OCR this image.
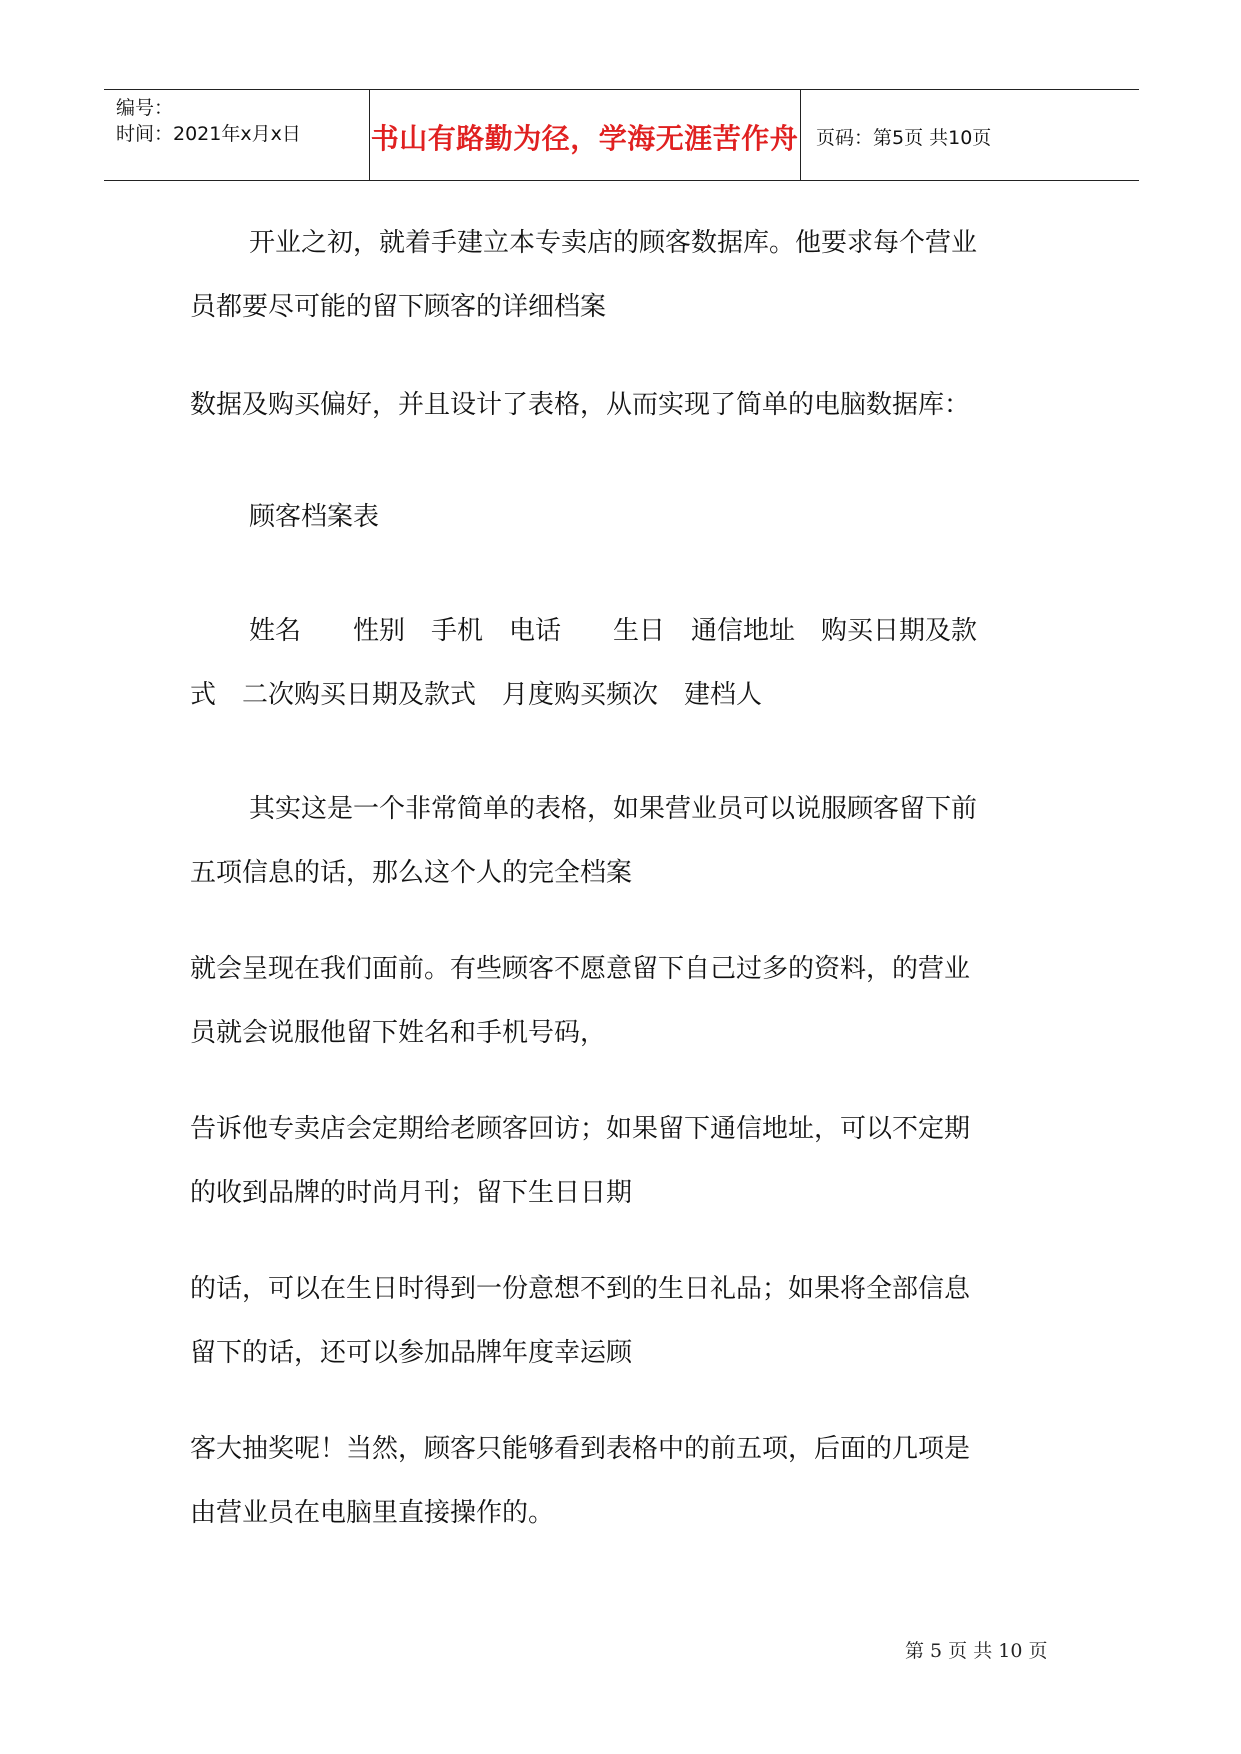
编号：
时间：2021年x月x日 书山有路勤为径，学海无涯苦作舟 页码：第5页 共10页
开业之初，就着手建立本专卖店的顾客数据库。他要求每个营业
员都要尽可能的留下顾客的详细档案
数据及购买偏好，并且设计了表格，从而实现了简单的电脑数据库：
顾客档案表
姓名　　性别　手机　电话　　生日　通信地址　购买日期及款
式　二次购买日期及款式　月度购买频次　建档人
其实这是一个非常简单的表格，如果营业员可以说服顾客留下前
五项信息的话，那么这个人的完全档案
就会呈现在我们面前。有些顾客不愿意留下自己过多的资料，的营业
员就会说服他留下姓名和手机号码，
告诉他专卖店会定期给老顾客回访；如果留下通信地址，可以不定期
的收到品牌的时尚月刊；留下生日日期
的话，可以在生日时得到一份意想不到的生日礼品；如果将全部信息
留下的话，还可以参加品牌年度幸运顾
客大抽奖呢！当然，顾客只能够看到表格中的前五项，后面的几项是
由营业员在电脑里直接操作的。
第 5 页 共 10 页
